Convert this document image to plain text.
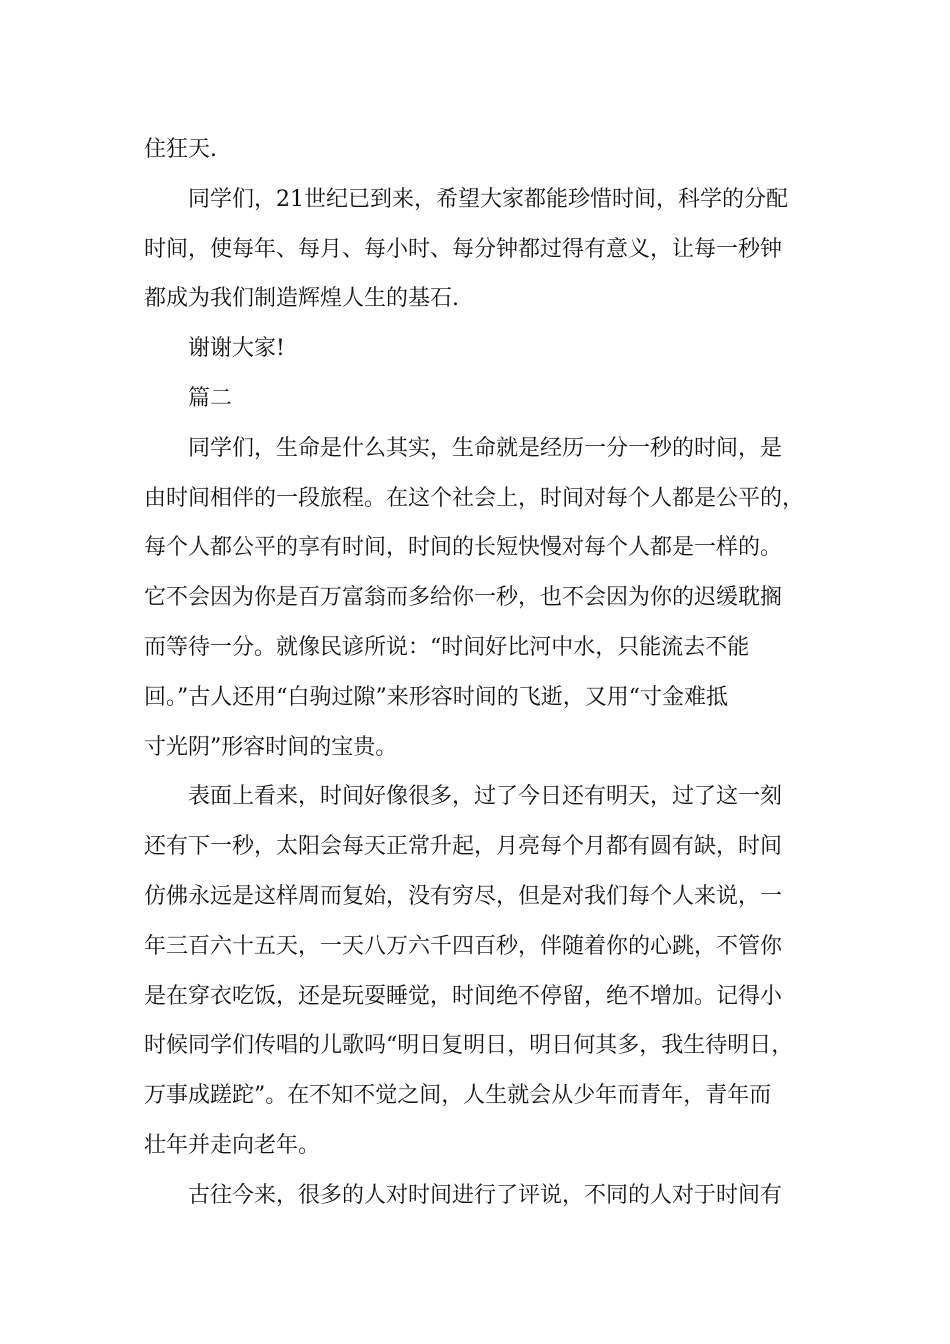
住狂天.
同学们，21世纪已到来，希望大家都能珍惜时间，科学的分配
时间，使每年、每月、每小时、每分钟都过得有意义，让每一秒钟
都成为我们制造辉煌人生的基石.
谢谢大家!
篇二
同学们，生命是什么其实，生命就是经历一分一秒的时间，是
由时间相伴的一段旅程。在这个社会上，时间对每个人都是公平的，
每个人都公平的享有时间，时间的长短快慢对每个人都是一样的。
它不会因为你是百万富翁而多给你一秒，也不会因为你的迟缓耽搁
而等待一分。就像民谚所说：“时间好比河中水，只能流去不能
回。”古人还用“白驹过隙”来形容时间的飞逝，又用“寸金难抵
寸光阴”形容时间的宝贵。
表面上看来，时间好像很多，过了今日还有明天，过了这一刻
还有下一秒，太阳会每天正常升起，月亮每个月都有圆有缺，时间
仿佛永远是这样周而复始，没有穷尽，但是对我们每个人来说，一
年三百六十五天，一天八万六千四百秒，伴随着你的心跳，不管你
是在穿衣吃饭，还是玩耍睡觉，时间绝不停留，绝不增加。记得小
时候同学们传唱的儿歌吗“明日复明日，明日何其多，我生待明日，
万事成蹉跎”。在不知不觉之间，人生就会从少年而青年，青年而
壮年并走向老年。
古往今来，很多的人对时间进行了评说，不同的人对于时间有
